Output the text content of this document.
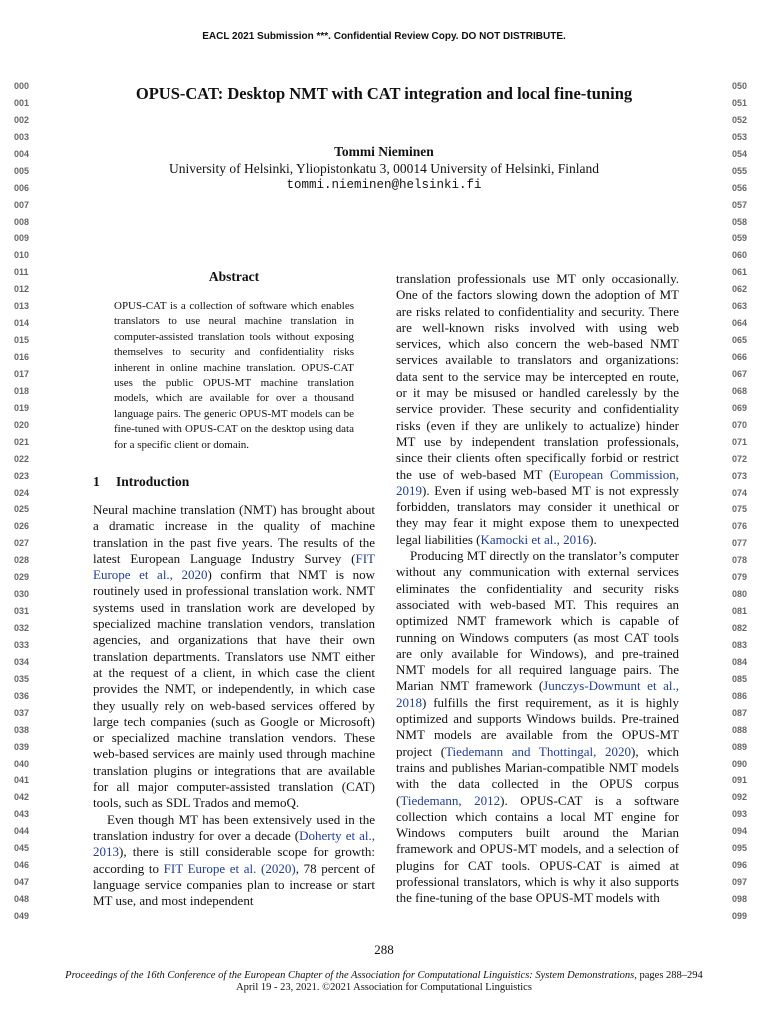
EACL 2021 Submission ***. Confidential Review Copy. DO NOT DISTRIBUTE.
000
001
002
003
004
005
006
007
008
009
010
011
012
013
014
015
016
017
018
019
020
021
022
023
024
025
026
027
028
029
030
031
032
033
034
035
036
037
038
039
040
041
042
043
044
045
046
047
048
049
050
051
052
053
054
055
056
057
058
059
060
061
062
063
064
065
066
067
068
069
070
071
072
073
074
075
076
077
078
079
080
081
082
083
084
085
086
087
088
089
090
091
092
093
094
095
096
097
098
099
OPUS-CAT: Desktop NMT with CAT integration and local fine-tuning
Tommi Nieminen
University of Helsinki, Yliopistonkatu 3, 00014 University of Helsinki, Finland
tommi.nieminen@helsinki.fi
Abstract
OPUS-CAT is a collection of software which enables translators to use neural machine translation in computer-assisted translation tools without exposing themselves to security and confidentiality risks inherent in online machine translation. OPUS-CAT uses the public OPUS-MT machine translation models, which are available for over a thousand language pairs. The generic OPUS-MT models can be fine-tuned with OPUS-CAT on the desktop using data for a specific client or domain.
1 Introduction

Neural machine translation (NMT) has brought about a dramatic increase in the quality of machine translation in the past five years. The results of the latest European Language Industry Survey (FIT Europe et al., 2020) confirm that NMT is now routinely used in professional translation work. NMT systems used in translation work are developed by specialized machine translation vendors, translation agencies, and organizations that have their own translation departments. Translators use NMT either at the request of a client, in which case the client provides the NMT, or independently, in which case they usually rely on web-based services offered by large tech companies (such as Google or Microsoft) or specialized machine translation vendors. These web-based services are mainly used through machine translation plugins or integrations that are available for all major computer-assisted translation (CAT) tools, such as SDL Trados and memoQ.

Even though MT has been extensively used in the translation industry for over a decade (Doherty et al., 2013), there is still considerable scope for growth: according to FIT Europe et al. (2020), 78 percent of language service companies plan to increase or start MT use, and most independent

translation professionals use MT only occasionally. One of the factors slowing down the adoption of MT are risks related to confidentiality and security. There are well-known risks involved with using web services, which also concern the web-based NMT services available to translators and organizations: data sent to the service may be intercepted en route, or it may be misused or handled carelessly by the service provider. These security and confidentiality risks (even if they are unlikely to actualize) hinder MT use by independent translation professionals, since their clients often specifically forbid or restrict the use of web-based MT (European Commission, 2019). Even if using web-based MT is not expressly forbidden, translators may consider it unethical or they may fear it might expose them to unexpected legal liabilities (Kamocki et al., 2016).

Producing MT directly on the translator’s computer without any communication with external services eliminates the confidentiality and security risks associated with web-based MT. This requires an optimized NMT framework which is capable of running on Windows computers (as most CAT tools are only available for Windows), and pre-trained NMT models for all required language pairs. The Marian NMT framework (Junczys-Dowmunt et al., 2018) fulfills the first requirement, as it is highly optimized and supports Windows builds. Pre-trained NMT models are available from the OPUS-MT project (Tiedemann and Thottingal, 2020), which trains and publishes Marian-compatible NMT models with the data collected in the OPUS corpus (Tiedemann, 2012). OPUS-CAT is a software collection which contains a local MT engine for Windows computers built around the Marian framework and OPUS-MT models, and a selection of plugins for CAT tools. OPUS-CAT is aimed at professional translators, which is why it also supports the fine-tuning of the base OPUS-MT models with

288
Proceedings of the 16th Conference of the European Chapter of the Association for Computational Linguistics: System Demonstrations, pages 288–294
April 19 - 23, 2021. ©2021 Association for Computational Linguistics
